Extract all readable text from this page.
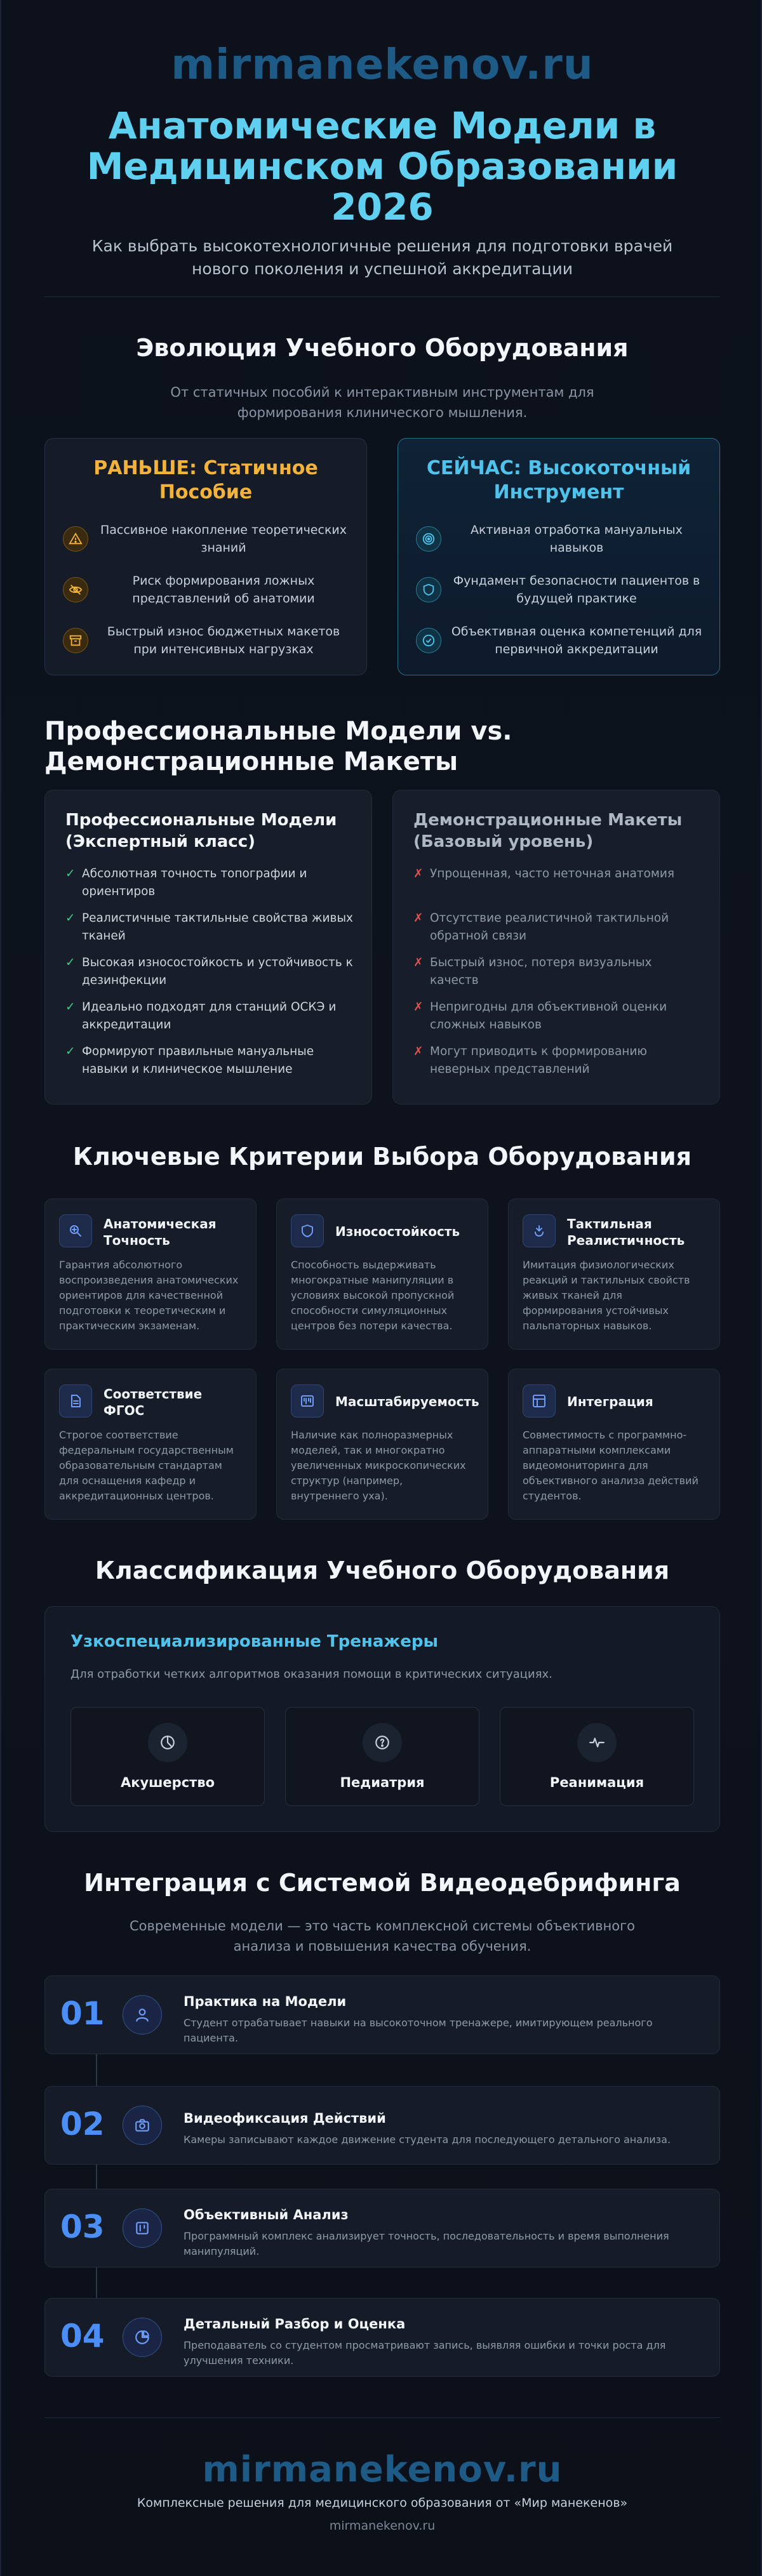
mirmanekenov.ru
Анатомические Модели в
Медицинском Образовании
2026
Как выбрать высокотехнологичные решения для подготовки врачей
нового поколения и успешной аккредитации
Эволюция Учебного Оборудования
От статичных пособий к интерактивным инструментам для
формирования клинического мышления.
РАНЬШЕ: Статичное
Пособие
Пассивное накопление теоретических
знаний
Риск формирования ложных
представлений об анатомии
Быстрый износ бюджетных макетов
при интенсивных нагрузках
СЕЙЧАС: Высокоточный
Инструмент
Активная отработка мануальных
навыков
Фундамент безопасности пациентов в
будущей практике
Объективная оценка компетенций для
первичной аккредитации
Профессиональные Модели vs.
Демонстрационные Макеты
Профессиональные Модели
(Экспертный класс)
✓ Абсолютная точность топографии и
ориентиров
✓ Реалистичные тактильные свойства живых
тканей
✓ Высокая износостойкость и устойчивость к
дезинфекции
✓ Идеально подходят для станций ОСКЭ и
аккредитации
✓ Формируют правильные мануальные
навыки и клиническое мышление
Демонстрационные Макеты
(Базовый уровень)
✗ Упрощенная, часто неточная анатомия
✗ Отсутствие реалистичной тактильной
обратной связи
✗ Быстрый износ, потеря визуальных качеств
✗ Непригодны для объективной оценки
сложных навыков
✗ Могут приводить к формированию
неверных представлений
Ключевые Критерии Выбора Оборудования
Анатомическая
Точность
Гарантия абсолютного
воспроизведения анатомических
ориентиров для качественной
подготовки к теоретическим и
практическим экзаменам.
Износостойкость
Способность выдерживать
многократные манипуляции в
условиях высокой пропускной
способности симуляционных
центров без потери качества.
Тактильная
Реалистичность
Имитация физиологических
реакций и тактильных свойств
живых тканей для
формирования устойчивых
пальпаторных навыков.
Соответствие
ФГОС
Строгое соответствие
федеральным государственным
образовательным стандартам
для оснащения кафедр и
аккредитационных центров.
Масштабируемость
Наличие как полноразмерных
моделей, так и многократно
увеличенных микроскопических
структур (например,
внутреннего уха).
Интеграция
Совместимость с программно-
аппаратными комплексами
видеомониторинга для
объективного анализа действий
студентов.
Классификация Учебного Оборудования
Узкоспециализированные Тренажеры
Для отработки четких алгоритмов оказания помощи в критических ситуациях.
Акушерство	Педиатрия	Реанимация
Интеграция с Системой Видеодебрифинга
Современные модели — это часть комплексной системы объективного
анализа и повышения качества обучения.
01	Практика на Модели
Студент отрабатывает навыки на высокоточном тренажере, имитирующем реального
пациента.
02	Видеофиксация Действий
Камеры записывают каждое движение студента для последующего детального анализа.
03	Объективный Анализ
Программный комплекс анализирует точность, последовательность и время выполнения
манипуляций.
04	Детальный Разбор и Оценка
Преподаватель со студентом просматривают запись, выявляя ошибки и точки роста для
улучшения техники.
mirmanekenov.ru
Комплексные решения для медицинского образования от «Мир манекенов»
mirmanekenov.ru
